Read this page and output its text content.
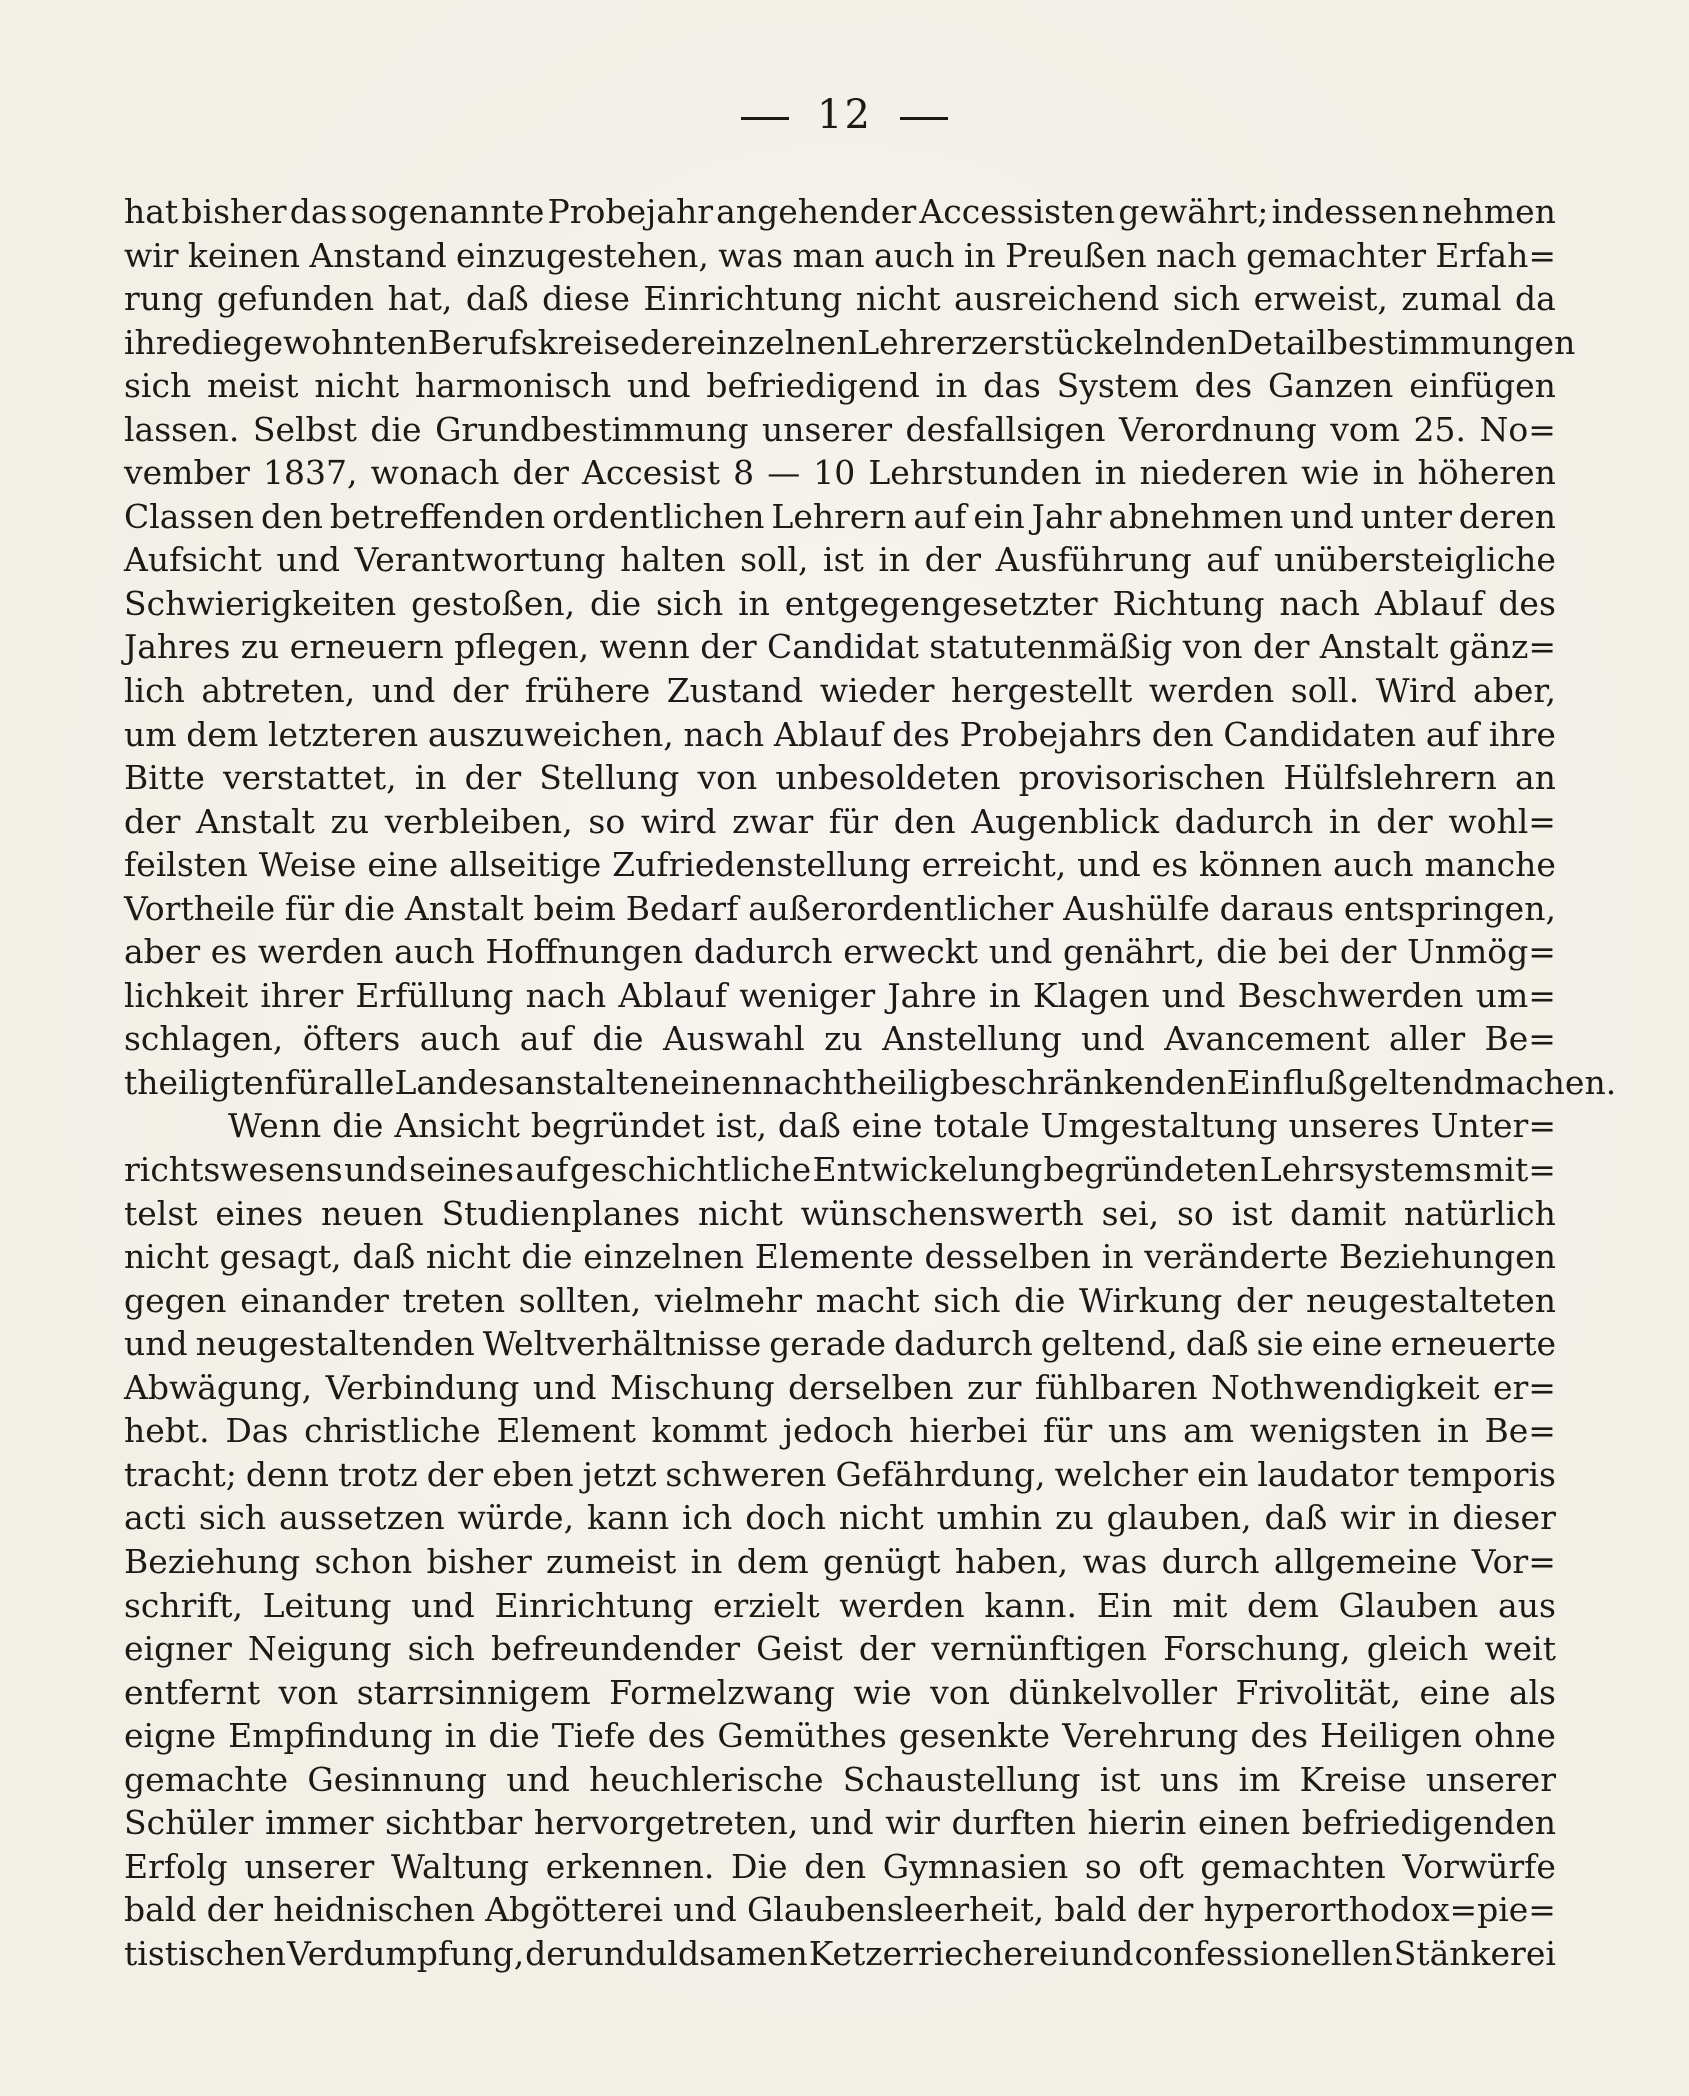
12
hat bisher das sogenannte Probejahr angehender Accessisten gewährt; indessen nehmen
wir keinen Anstand einzugestehen, was man auch in Preußen nach gemachter Erfah=
rung gefunden hat, daß diese Einrichtung nicht ausreichend sich erweist, zumal da
ihre die gewohnten Berufskreise der einzelnen Lehrer zerstückelnden Detailbestimmungen
sich meist nicht harmonisch und befriedigend in das System des Ganzen einfügen
lassen. Selbst die Grundbestimmung unserer desfallsigen Verordnung vom 25. No=
vember 1837, wonach der Accesist 8 — 10 Lehrstunden in niederen wie in höheren
Classen den betreffenden ordentlichen Lehrern auf ein Jahr abnehmen und unter deren
Aufsicht und Verantwortung halten soll, ist in der Ausführung auf unübersteigliche
Schwierigkeiten gestoßen, die sich in entgegengesetzter Richtung nach Ablauf des
Jahres zu erneuern pflegen, wenn der Candidat statutenmäßig von der Anstalt gänz=
lich abtreten, und der frühere Zustand wieder hergestellt werden soll. Wird aber,
um dem letzteren auszuweichen, nach Ablauf des Probejahrs den Candidaten auf ihre
Bitte verstattet, in der Stellung von unbesoldeten provisorischen Hülfslehrern an
der Anstalt zu verbleiben, so wird zwar für den Augenblick dadurch in der wohl=
feilsten Weise eine allseitige Zufriedenstellung erreicht, und es können auch manche
Vortheile für die Anstalt beim Bedarf außerordentlicher Aushülfe daraus entspringen,
aber es werden auch Hoffnungen dadurch erweckt und genährt, die bei der Unmög=
lichkeit ihrer Erfüllung nach Ablauf weniger Jahre in Klagen und Beschwerden um=
schlagen, öfters auch auf die Auswahl zu Anstellung und Avancement aller Be=
theiligten für alle Landesanstalten einen nachtheilig beschränkenden Einfluß geltend machen.
Wenn die Ansicht begründet ist, daß eine totale Umgestaltung unseres Unter=
richtswesens und seines auf geschichtliche Entwickelung begründeten Lehrsystems mit=
telst eines neuen Studienplanes nicht wünschenswerth sei, so ist damit natürlich
nicht gesagt, daß nicht die einzelnen Elemente desselben in veränderte Beziehungen
gegen einander treten sollten, vielmehr macht sich die Wirkung der neugestalteten
und neugestaltenden Weltverhältnisse gerade dadurch geltend, daß sie eine erneuerte
Abwägung, Verbindung und Mischung derselben zur fühlbaren Nothwendigkeit er=
hebt. Das christliche Element kommt jedoch hierbei für uns am wenigsten in Be=
tracht; denn trotz der eben jetzt schweren Gefährdung, welcher ein laudator temporis
acti sich aussetzen würde, kann ich doch nicht umhin zu glauben, daß wir in dieser
Beziehung schon bisher zumeist in dem genügt haben, was durch allgemeine Vor=
schrift, Leitung und Einrichtung erzielt werden kann. Ein mit dem Glauben aus
eigner Neigung sich befreundender Geist der vernünftigen Forschung, gleich weit
entfernt von starrsinnigem Formelzwang wie von dünkelvoller Frivolität, eine als
eigne Empfindung in die Tiefe des Gemüthes gesenkte Verehrung des Heiligen ohne
gemachte Gesinnung und heuchlerische Schaustellung ist uns im Kreise unserer
Schüler immer sichtbar hervorgetreten, und wir durften hierin einen befriedigenden
Erfolg unserer Waltung erkennen. Die den Gymnasien so oft gemachten Vorwürfe
bald der heidnischen Abgötterei und Glaubensleerheit, bald der hyperorthodox=pie=
tistischen Verdumpfung, der unduldsamen Ketzerriecherei und confessionellen Stänkerei
